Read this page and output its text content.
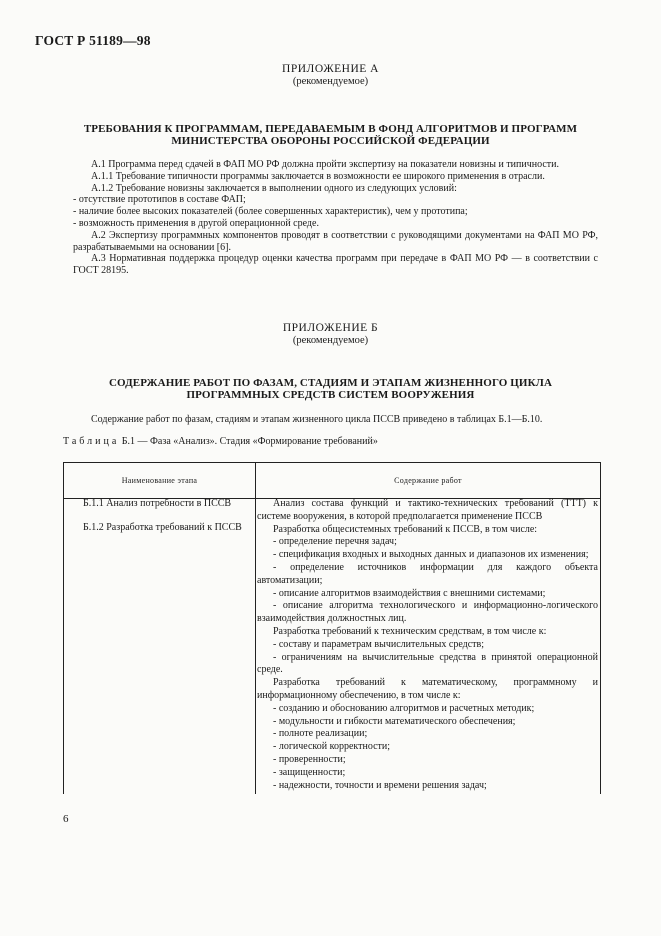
ГОСТ Р 51189—98
ПРИЛОЖЕНИЕ А
(рекомендуемое)
ТРЕБОВАНИЯ К ПРОГРАММАМ, ПЕРЕДАВАЕМЫМ В ФОНД АЛГОРИТМОВ И ПРОГРАММ
МИНИСТЕРСТВА ОБОРОНЫ РОССИЙСКОЙ ФЕДЕРАЦИИ

А.1 Программа перед сдачей в ФАП МО РФ должна пройти экспертизу на показатели новизны и типичности.

А.1.1 Требование типичности программы заключается в возможности ее широкого применения в отрасли.

А.1.2 Требование новизны заключается в выполнении одного из следующих условий:

- отсутствие прототипов в составе ФАП;

- наличие более высоких показателей (более совершенных характеристик), чем у прототипа;

- возможность применения в другой операционной среде.

А.2 Экспертизу программных компонентов проводят в соответствии с руководящими документами на ФАП МО РФ, разрабатываемыми на основании [6].

А.3 Нормативная поддержка процедур оценки качества программ при передаче в ФАП МО РФ — в соответствии с ГОСТ 28195.

ПРИЛОЖЕНИЕ Б
(рекомендуемое)
СОДЕРЖАНИЕ РАБОТ ПО ФАЗАМ, СТАДИЯМ И ЭТАПАМ ЖИЗНЕННОГО ЦИКЛА
ПРОГРАММНЫХ СРЕДСТВ СИСТЕМ ВООРУЖЕНИЯ

Содержание работ по фазам, стадиям и этапам жизненного цикла ПССВ приведено в таблицах Б.1—Б.10.

Таблица Б.1 — Фаза «Анализ». Стадия «Формирование требований»
Наименование этапа	Содержание работ
Б.1.1 Анализ потребности в ПССВ
Б.1.2 Разработка требований к ПССВ
Анализ состава функций и тактико-технических требований (ТТТ) к системе вооружения, в которой предполагается применение ПССВ
Разработка общесистемных требований к ПССВ, в том числе:
- определение перечня задач;
- спецификация входных и выходных данных и диапазонов их изменения;
- определение источников информации для каждого объекта автоматизации;
- описание алгоритмов взаимодействия с внешними системами;
- описание алгоритма технологического и информационно-логического взаимодействия должностных лиц.
Разработка требований к техническим средствам, в том числе к:
- составу и параметрам вычислительных средств;
- ограничениям на вычислительные средства в принятой операционной среде.
Разработка требований к математическому, программному и информационному обеспечению, в том числе к:
- созданию и обоснованию алгоритмов и расчетных методик;
- модульности и гибкости математического обеспечения;
- полноте реализации;
- логической корректности;
- проверенности;
- защищенности;
- надежности, точности и времени решения задач;
6
